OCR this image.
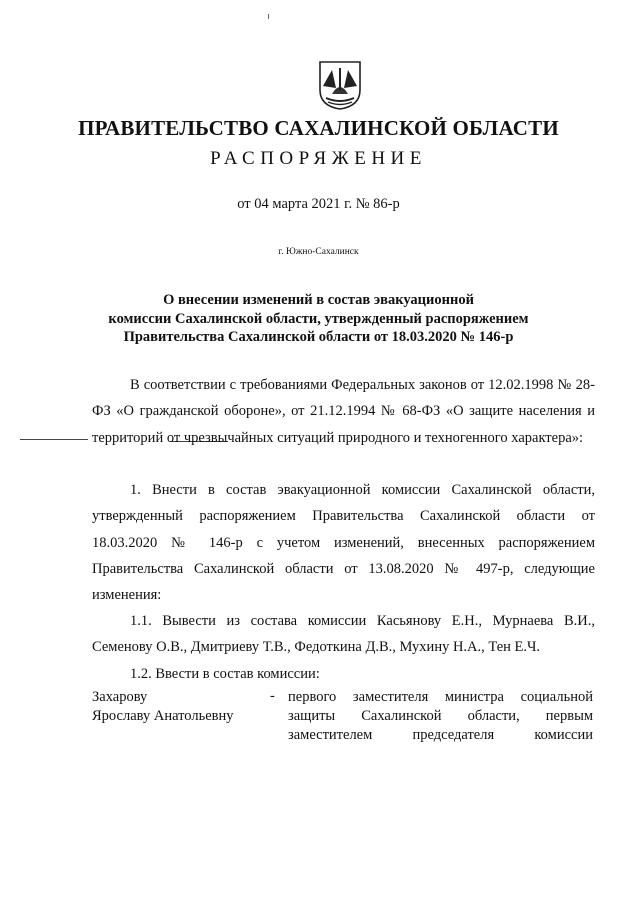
ПРАВИТЕЛЬСТВО САХАЛИНСКОЙ ОБЛАСТИ
РАСПОРЯЖЕНИЕ
от 04 марта 2021 г. № 86-р
г. Южно-Сахалинск
О внесении изменений в состав эвакуационной
комиссии Сахалинской области, утвержденный распоряжением
Правительства Сахалинской области от 18.03.2020 № 146-р

В соответствии с требованиями Федеральных законов от 12.02.1998 № 28-ФЗ «О гражданской обороне», от 21.12.1994 № 68-ФЗ «О защите населения и территорий от чрезвычайных ситуаций природного и техногенного характера»:

1. Внести в состав эвакуационной комиссии Сахалинской области, утвержденный распоряжением Правительства Сахалинской области от 18.03.2020 № 146-р с учетом изменений, внесенных распоряжением Правительства Сахалинской области от 13.08.2020 № 497-р, следующие изменения:

1.1. Вывести из состава комиссии Касьянову Е.Н., Мурнаева В.И., Семенову О.В., Дмитриеву Т.В., Федоткина Д.В., Мухину Н.А., Тен Е.Ч.

1.2. Ввести в состав комиссии:

Захарову
Ярославу Анатольевну
- первого заместителя министра социальной защиты Сахалинской области, первым заместителем председателя комиссии
